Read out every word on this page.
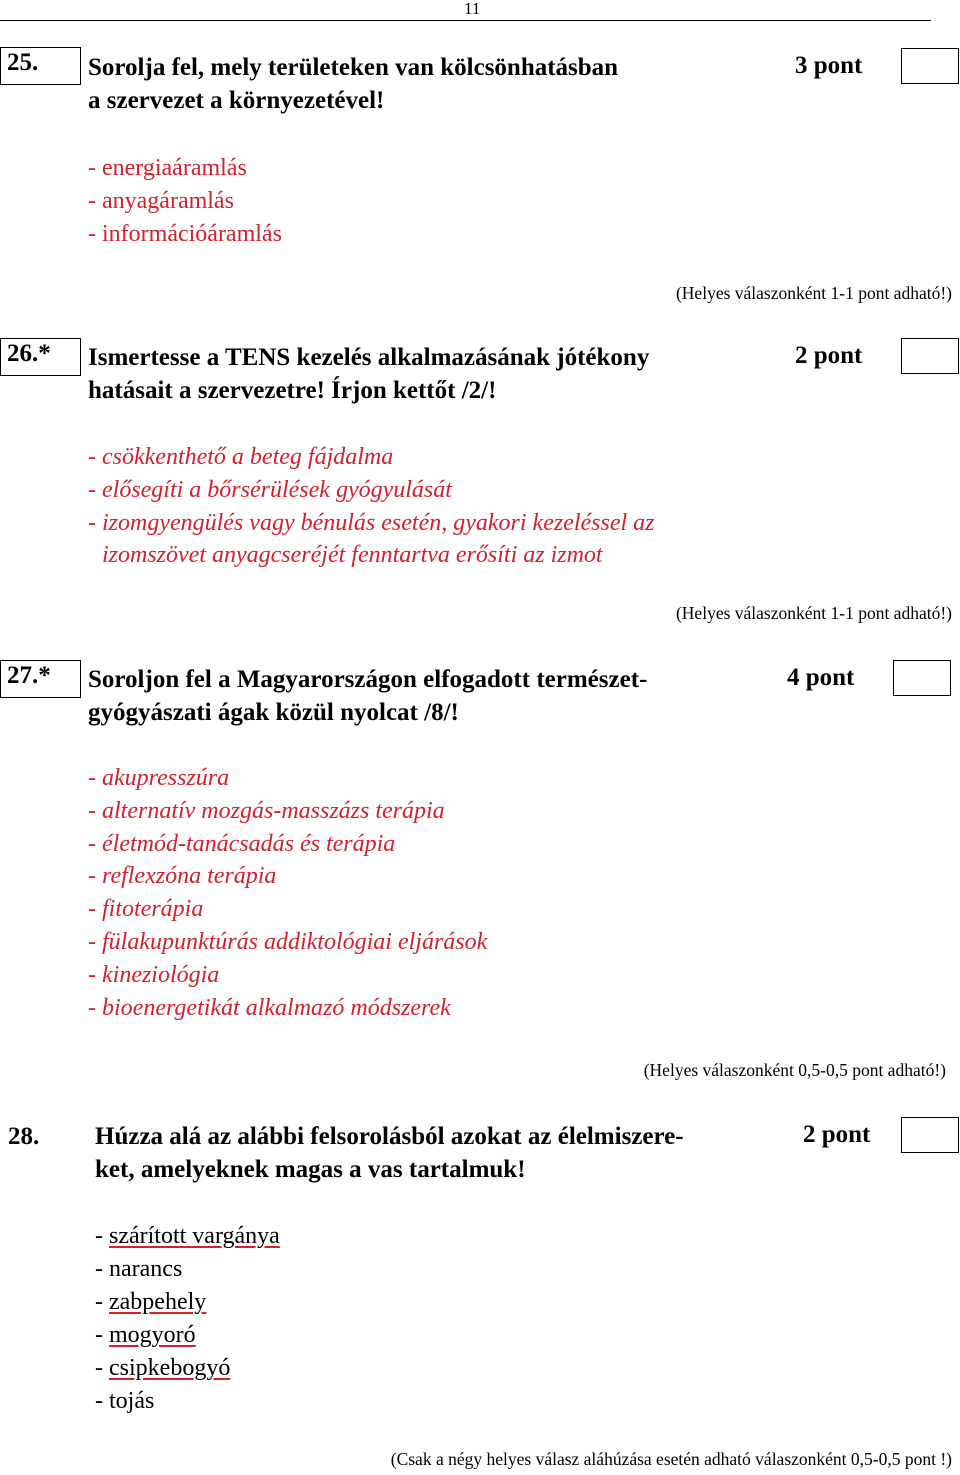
11
25.	Sorolja fel, mely területeken van kölcsönhatásban
a szervezet a környezetével!
3 pont
- energiaáramlás
- anyagáramlás
- információáramlás
(Helyes válaszonként 1-1 pont adható!)
26.*	Ismertesse a TENS kezelés alkalmazásának jótékony
hatásait a szervezetre! Írjon kettőt /2/!
2 pont
- csökkenthető a beteg fájdalma
- elősegíti a bőrsérülések gyógyulását
- izomgyengülés vagy bénulás esetén, gyakori kezeléssel az
izomszövet anyagcseréjét fenntartva erősíti az izmot
(Helyes válaszonként 1-1 pont adható!)
27.*	Soroljon fel a Magyarországon elfogadott természet-
gyógyászati ágak közül nyolcat /8/!
4 pont
- akupresszúra
- alternatív mozgás-masszázs terápia
- életmód-tanácsadás és terápia
- reflexzóna terápia
- fitoterápia
- fülakupunktúrás addiktológiai eljárások
- kineziológia
- bioenergetikát alkalmazó módszerek
(Helyes válaszonként 0,5-0,5 pont adható!)
28. Húzza alá az alábbi felsorolásból azokat az élelmiszere-
ket, amelyeknek magas a vas tartalmuk!
2 pont
- szárított vargánya
- narancs
- zabpehely
- mogyoró
- csipkebogyó
- tojás
(Csak a négy helyes válasz aláhúzása esetén adható válaszonként 0,5-0,5 pont !)
